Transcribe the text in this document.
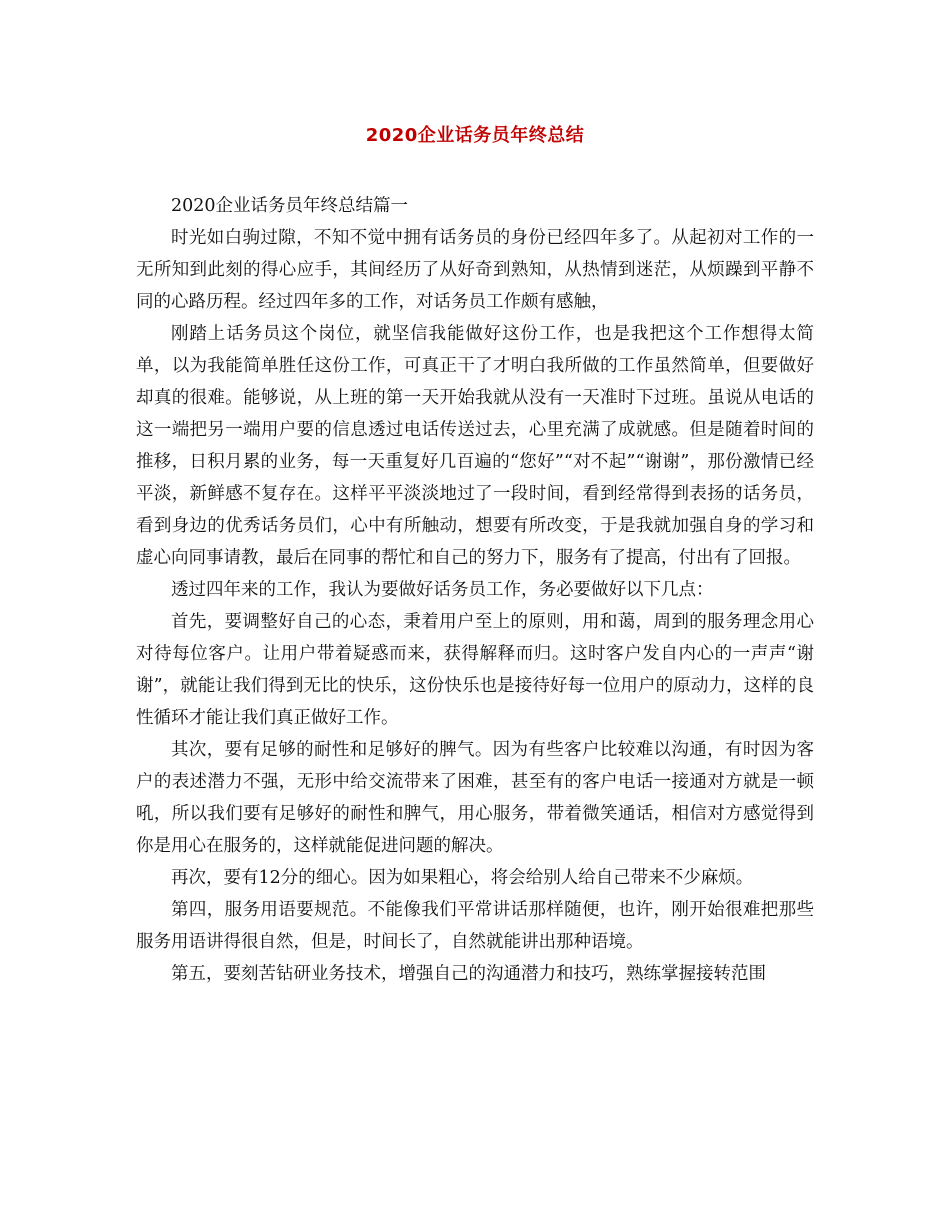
2020企业话务员年终总结

2020企业话务员年终总结篇一

时光如白驹过隙，不知不觉中拥有话务员的身份已经四年多了。从起初对工作的一无所知到此刻的得心应手，其间经历了从好奇到熟知，从热情到迷茫，从烦躁到平静不同的心路历程。经过四年多的工作，对话务员工作颇有感触，

刚踏上话务员这个岗位，就坚信我能做好这份工作，也是我把这个工作想得太简单，以为我能简单胜任这份工作，可真正干了才明白我所做的工作虽然简单，但要做好却真的很难。能够说，从上班的第一天开始我就从没有一天准时下过班。虽说从电话的这一端把另一端用户要的信息透过电话传送过去，心里充满了成就感。但是随着时间的推移，日积月累的业务，每一天重复好几百遍的“您好”“对不起”“谢谢”，那份激情已经平淡，新鲜感不复存在。这样平平淡淡地过了一段时间，看到经常得到表扬的话务员，看到身边的优秀话务员们，心中有所触动，想要有所改变，于是我就加强自身的学习和虚心向同事请教，最后在同事的帮忙和自己的努力下，服务有了提高，付出有了回报。

透过四年来的工作，我认为要做好话务员工作，务必要做好以下几点：

首先，要调整好自己的心态，秉着用户至上的原则，用和蔼，周到的服务理念用心对待每位客户。让用户带着疑惑而来，获得解释而归。这时客户发自内心的一声声“谢谢”，就能让我们得到无比的快乐，这份快乐也是接待好每一位用户的原动力，这样的良性循环才能让我们真正做好工作。

其次，要有足够的耐性和足够好的脾气。因为有些客户比较难以沟通，有时因为客户的表述潜力不强，无形中给交流带来了困难，甚至有的客户电话一接通对方就是一顿吼，所以我们要有足够好的耐性和脾气，用心服务，带着微笑通话，相信对方感觉得到你是用心在服务的，这样就能促进问题的解决。

再次，要有12分的细心。因为如果粗心，将会给别人给自己带来不少麻烦。

第四，服务用语要规范。不能像我们平常讲话那样随便，也许，刚开始很难把那些服务用语讲得很自然，但是，时间长了，自然就能讲出那种语境。

第五，要刻苦钻研业务技术，增强自己的沟通潜力和技巧，熟练掌握接转范围
